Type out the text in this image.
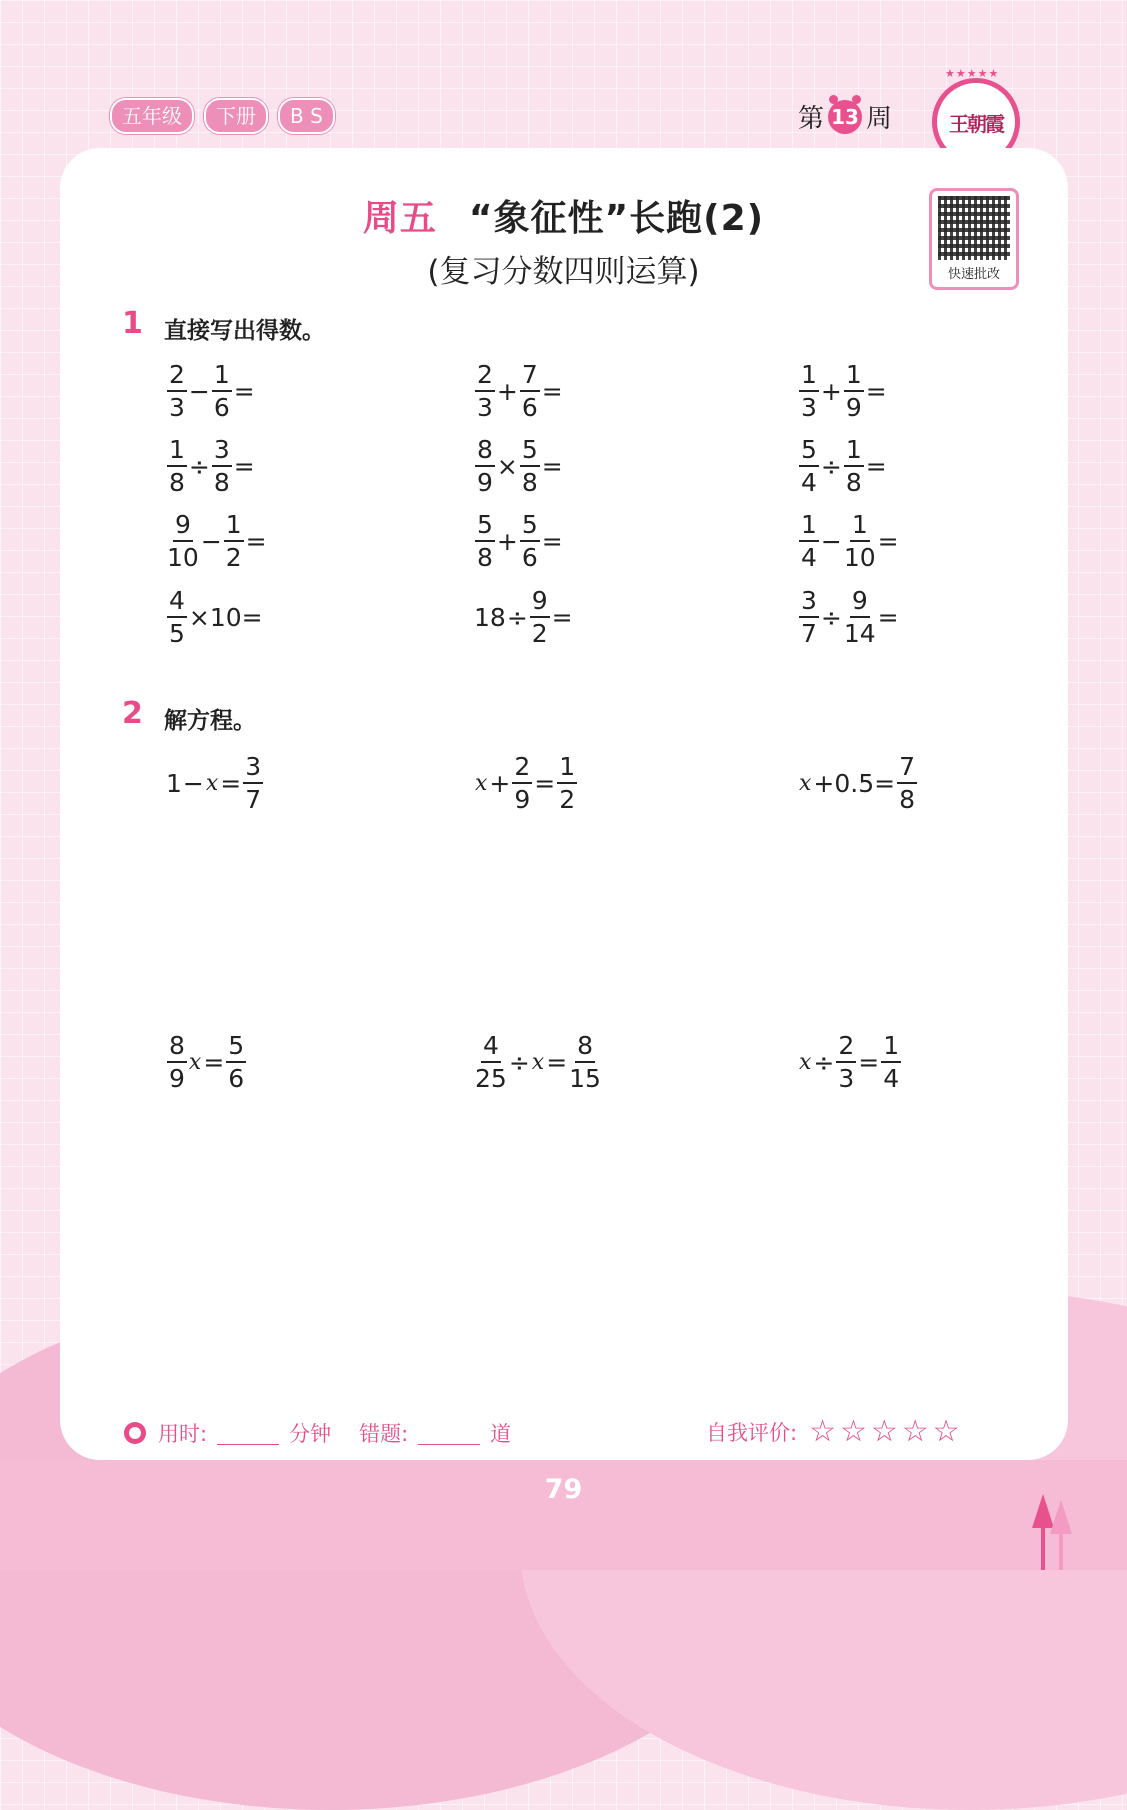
五年级	下册	B S	第 13 周
★★★★★
王朝霞
周五 “象征性”长跑(2)
(复习分数四则运算)	快速批改
1 直接写出得数。
$\frac{2}{3} - \frac{1}{6}$ =	$\frac{2}{3} + \frac{7}{6}$ =	$\frac{1}{3} + \frac{1}{9}$ =
$\frac{1}{8} \div \frac{3}{8}$ =	$\frac{8}{9} \times \frac{5}{8}$ =	$\frac{5}{4} \div \frac{1}{8}$ =
$\frac{9}{10} - \frac{1}{2}$ =	$\frac{5}{8} + \frac{5}{6}$ =	$\frac{1}{4} - \frac{1}{10}$ =
$\frac{4}{5} \times 10=$	$18 \div \frac{9}{2}$ =	$\frac{3}{7} \div \frac{9}{14}$ =
2 解方程。
$1 - x = \frac{3}{7}$	$x + \frac{2}{9} = \frac{1}{2}$	$x +0.5= \frac{7}{8}$
$\frac{8}{9}$ $x = \frac{5}{6}$	$\frac{4}{25} \div x = \frac{8}{15}$	$x \div \frac{2}{3} = \frac{1}{4}$
用时:	分钟 错题:	道	自我评价: ☆☆☆☆☆
79
